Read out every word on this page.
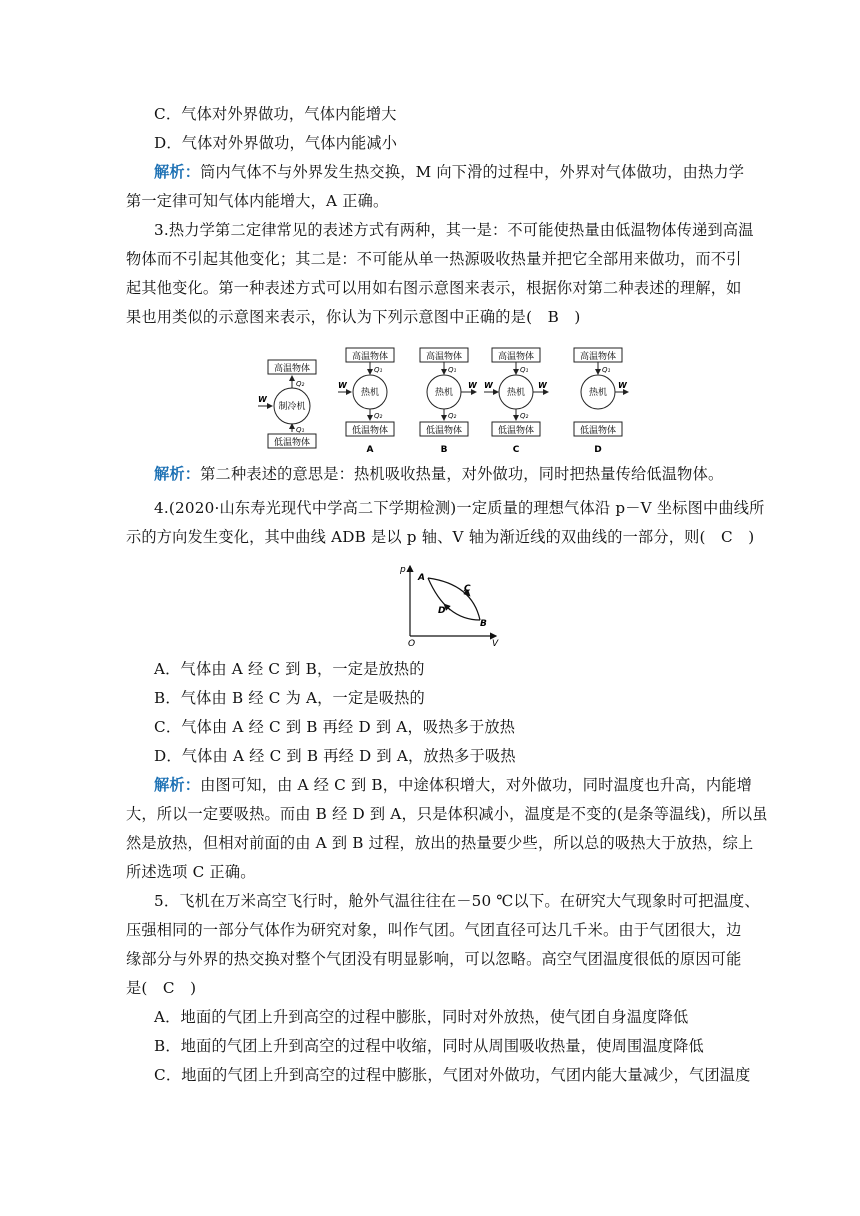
C．气体对外界做功，气体内能增大
D．气体对外界做功，气体内能减小
解析：筒内气体不与外界发生热交换，M 向下滑的过程中，外界对气体做功，由热力学
第一定律可知气体内能增大，A 正确。
3.热力学第二定律常见的表述方式有两种，其一是：不可能使热量由低温物体传递到高温
物体而不引起其他变化；其二是：不可能从单一热源吸收热量并把它全部用来做功，而不引
起其他变化。第一种表述方式可以用如右图示意图来表示，根据你对第二种表述的理解，如
果也用类似的示意图来表示，你认为下列示意图中正确的是(　B　)
高温物体
制冷机
低温物体
W
Q₂
Q₁
高温物体
热机
低温物体
W
Q₁
Q₂
A
高温物体
热机
低温物体
W
Q₁
Q₂
B
高温物体
热机
低温物体
W	W
Q₁
Q₂
C
高温物体
热机
低温物体
W
Q₁
D
解析：第二种表述的意思是：热机吸收热量，对外做功，同时把热量传给低温物体。
4.(2020·山东寿光现代中学高二下学期检测)一定质量的理想气体沿 p－V 坐标图中曲线所
示的方向发生变化，其中曲线 ADB 是以 p 轴、V 轴为渐近线的双曲线的一部分，则(　C　)
p
V
O
A
B
C
D
A．气体由 A 经 C 到 B，一定是放热的
B．气体由 B 经 C 为 A，一定是吸热的
C．气体由 A 经 C 到 B 再经 D 到 A，吸热多于放热
D．气体由 A 经 C 到 B 再经 D 到 A，放热多于吸热
解析：由图可知，由 A 经 C 到 B，中途体积增大，对外做功，同时温度也升高，内能增
大，所以一定要吸热。而由 B 经 D 到 A，只是体积减小，温度是不变的(是条等温线)，所以虽
然是放热，但相对前面的由 A 到 B 过程，放出的热量要少些，所以总的吸热大于放热，综上
所述选项 C 正确。
5．飞机在万米高空飞行时，舱外气温往往在－50 ℃以下。在研究大气现象时可把温度、
压强相同的一部分气体作为研究对象，叫作气团。气团直径可达几千米。由于气团很大，边
缘部分与外界的热交换对整个气团没有明显影响，可以忽略。高空气团温度很低的原因可能
是(　C　)
A．地面的气团上升到高空的过程中膨胀，同时对外放热，使气团自身温度降低
B．地面的气团上升到高空的过程中收缩，同时从周围吸收热量，使周围温度降低
C．地面的气团上升到高空的过程中膨胀，气团对外做功，气团内能大量减少，气团温度
